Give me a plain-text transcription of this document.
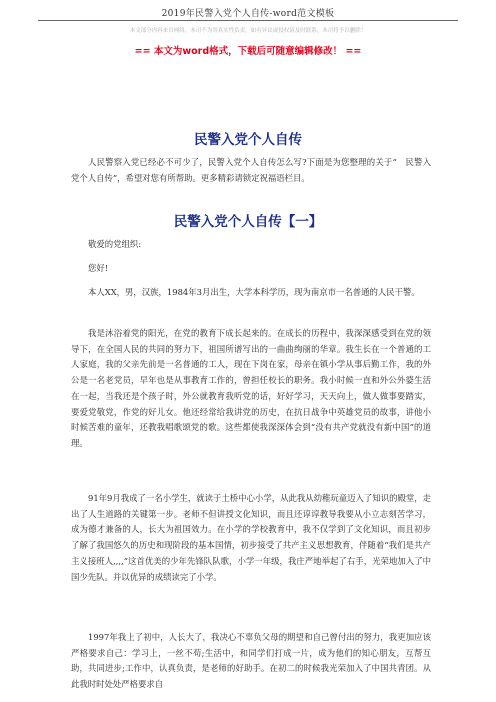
2019年民警入党个人自传-word范文模板
本文部分内容来自网络，本司不为其真实性负责，如有异议或侵权请及时联系，本司将予以删除！
== 本文为word格式，下载后可随意编辑修改！ ==
民警入党个人自传

人民警察入党已经必不可少了，民警入党个人自传怎么写?下面是为您整理的关于“　民警入党个人自传”，希望对您有所帮助。更多精彩请锁定祝福语栏目。

民警入党个人自传【一】

敬爱的党组织:

您好!

本人XX，男，汉族，1984年3月出生，大学本科学历，现为南京市一名普通的人民干警。

我是沐浴着党的阳光，在党的教育下成长起来的。在成长的历程中，我深深感受到在党的领导下，在全国人民的共同的努力下，祖国所谱写出的一曲曲绚丽的华章。我生长在一个普通的工人家庭，我的父亲先前是一名普通的工人，现在下岗在家，母亲在镇小学从事后勤工作，我的外公是一名老党员，早年也是从事教育工作的，曾担任校长的职务。我小时候一直和外公外婆生活在一起，当我还是个孩子时，外公就教育我听党的话，好好学习，天天向上，做人做事要踏实，要爱党敬党，作党的好儿女。他还经常给我讲党的历史，在抗日战争中英雄党员的故事，讲他小时候苦难的童年，还教我唱歌颂党的歌。这些都使我深深体会到“没有共产党就没有新中国”的道理。

91年9月我成了一名小学生，就读于土桥中心小学，从此我从幼稚玩童迈入了知识的殿堂，走出了人生道路的关键第一步。老师不但讲授文化知识，而且还谆谆教导我要从小立志刻苦学习，成为德才兼备的人，长大为祖国效力。在小学的学校教育中，我不仅学到了文化知识，而且初步了解了我国悠久的历史和现阶段的基本国情，初步接受了共产主义思想教育，伴随着“我们是共产主义接班人,,,,”这首优美的少年先锋队队歌，小学一年级，我庄严地举起了右手，光荣地加入了中国少先队。并以优异的成绩读完了小学。

1997年我上了初中，人长大了，我决心不辜负父母的期望和自己曾付出的努力，我更加应该严格要求自己：学习上，一丝不苟;生活中，和同学们打成一片，成为他们的知心朋友，互帮互助，共同进步;工作中，认真负责，是老师的好助手。在初二的时候我光荣加入了中国共青团。从此我时时处处严格要求自
